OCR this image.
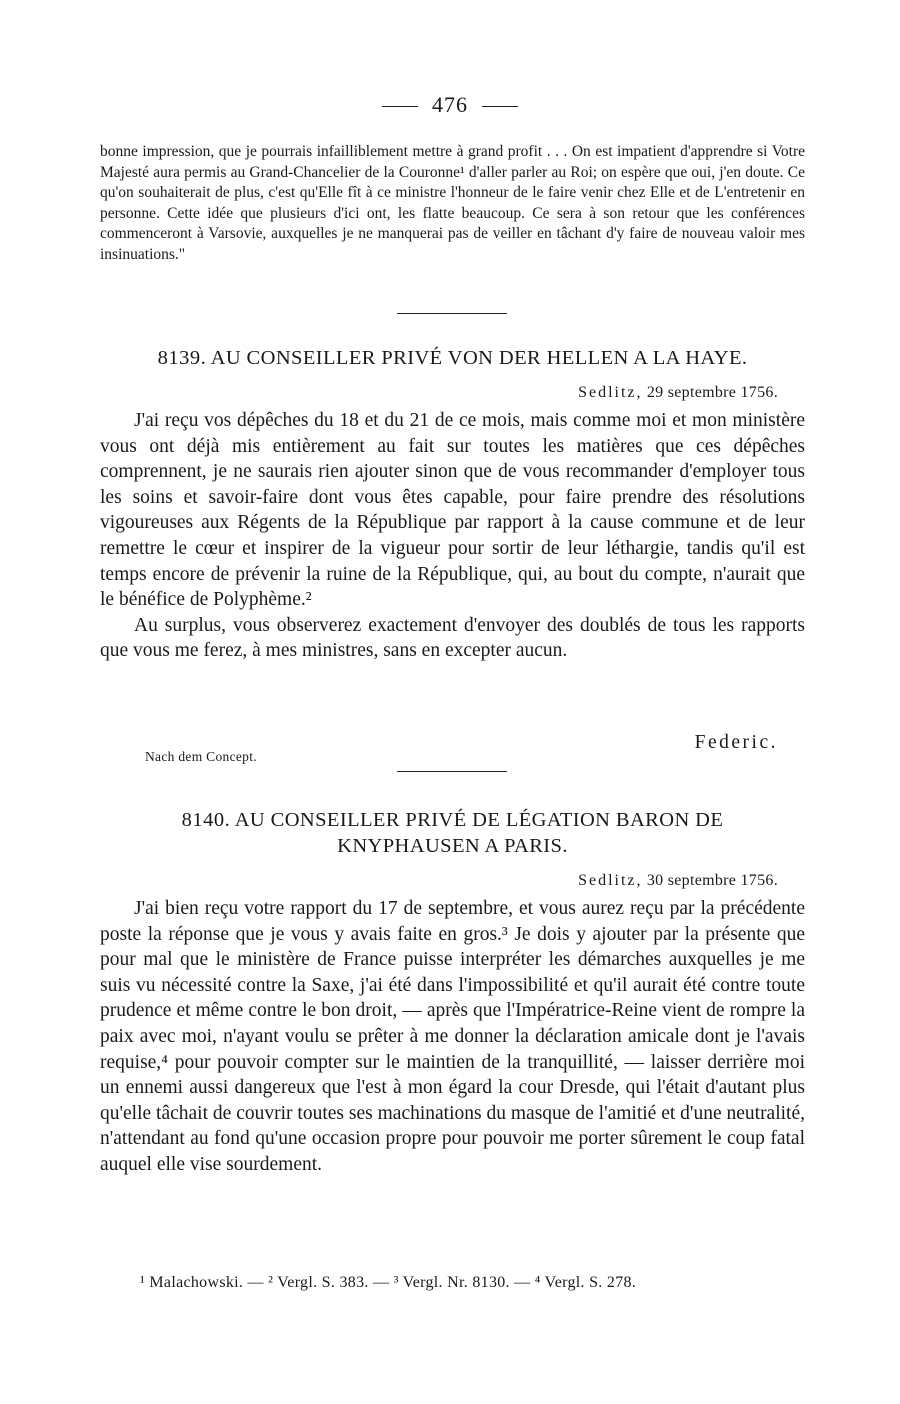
476
bonne impression, que je pourrais infailliblement mettre à grand profit . . . On est impatient d'apprendre si Votre Majesté aura permis au Grand-Chancelier de la Couronne¹ d'aller parler au Roi; on espère que oui, j'en doute. Ce qu'on souhaiterait de plus, c'est qu'Elle fît à ce ministre l'honneur de le faire venir chez Elle et de L'entretenir en personne. Cette idée que plusieurs d'ici ont, les flatte beaucoup. Ce sera à son retour que les conférences commenceront à Varsovie, auxquelles je ne manquerai pas de veiller en tâchant d'y faire de nouveau valoir mes insinuations."
8139. AU CONSEILLER PRIVÉ VON DER HELLEN A LA HAYE.
Sedlitz, 29 septembre 1756.

J'ai reçu vos dépêches du 18 et du 21 de ce mois, mais comme moi et mon ministère vous ont déjà mis entièrement au fait sur toutes les matières que ces dépêches comprennent, je ne saurais rien ajouter sinon que de vous recommander d'employer tous les soins et savoir-faire dont vous êtes capable, pour faire prendre des résolutions vigoureuses aux Régents de la République par rapport à la cause commune et de leur remettre le cœur et inspirer de la vigueur pour sortir de leur léthargie, tandis qu'il est temps encore de prévenir la ruine de la République, qui, au bout du compte, n'aurait que le bénéfice de Polyphème.²

Au surplus, vous observerez exactement d'envoyer des doublés de tous les rapports que vous me ferez, à mes ministres, sans en excepter aucun.

Federic.
Nach dem Concept.
8140. AU CONSEILLER PRIVÉ DE LÉGATION BARON DE
KNYPHAUSEN A PARIS.
Sedlitz, 30 septembre 1756.

J'ai bien reçu votre rapport du 17 de septembre, et vous aurez reçu par la précédente poste la réponse que je vous y avais faite en gros.³ Je dois y ajouter par la présente que pour mal que le ministère de France puisse interpréter les démarches auxquelles je me suis vu nécessité contre la Saxe, j'ai été dans l'impossibilité et qu'il aurait été contre toute prudence et même contre le bon droit, — après que l'Impératrice-Reine vient de rompre la paix avec moi, n'ayant voulu se prêter à me donner la déclaration amicale dont je l'avais requise,⁴ pour pouvoir compter sur le maintien de la tranquillité, — laisser derrière moi un ennemi aussi dangereux que l'est à mon égard la cour Dresde, qui l'était d'autant plus qu'elle tâchait de couvrir toutes ses machinations du masque de l'amitié et d'une neutralité, n'attendant au fond qu'une occasion propre pour pouvoir me porter sûrement le coup fatal auquel elle vise sourdement.

¹ Malachowski. — ² Vergl. S. 383. — ³ Vergl. Nr. 8130. — ⁴ Vergl. S. 278.
